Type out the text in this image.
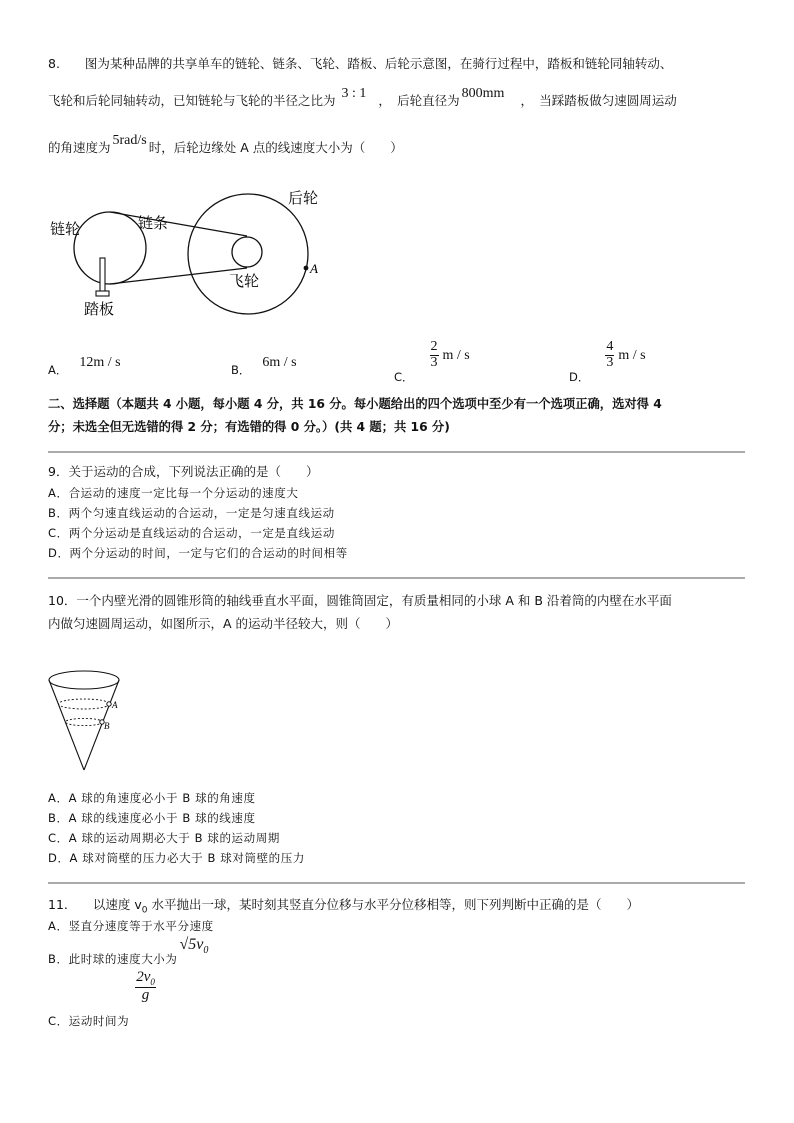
8.　　图为某种品牌的共享单车的链轮、链条、飞轮、踏板、后轮示意图，在骑行过程中，踏板和链轮同轴转动、
飞轮和后轮同轴转动，已知链轮与飞轮的半径之比为 3 : 1 ，　后轮直径为 800mm ，　当踩踏板做匀速圆周运动
的角速度为 5rad/s 时，后轮边缘处 A 点的线速度大小为（　　）
后轮
链轮	链条
飞轮
踏板
A
A． 12m / s	B． 6m / s
C．
$\frac{2}{3}$ m / s
D．
$\frac{4}{3}$ m / s
二、选择题（本题共 4 小题，每小题 4 分，共 16 分。每小题给出的四个选项中至少有一个选项正确，选对得 4
分；未选全但无选错的得 2 分；有选错的得 0 分。）(共 4 题；共 16 分)
9．关于运动的合成，下列说法正确的是（　　）
A．合运动的速度一定比每一个分运动的速度大
B．两个匀速直线运动的合运动，一定是匀速直线运动
C．两个分运动是直线运动的合运动，一定是直线运动
D．两个分运动的时间，一定与它们的合运动的时间相等
10．一个内壁光滑的圆锥形筒的轴线垂直水平面，圆锥筒固定，有质量相同的小球 A 和 B 沿着筒的内壁在水平面
内做匀速圆周运动，如图所示，A 的运动半径较大，则（　　）
A
B
A．A 球的角速度必小于 B 球的角速度
B．A 球的线速度必小于 B 球的线速度
C．A 球的运动周期必大于 B 球的运动周期
D．A 球对筒壁的压力必大于 B 球对筒壁的压力
11.　　以速度 $v_0$ 水平抛出一球，某时刻其竖直分位移与水平分位移相等，则下列判断中正确的是（　　）
A．竖直分速度等于水平分速度
B．此时球的速度大小为$√5v_0$
C．运动时间为
$\frac{2v_0}{g}$
